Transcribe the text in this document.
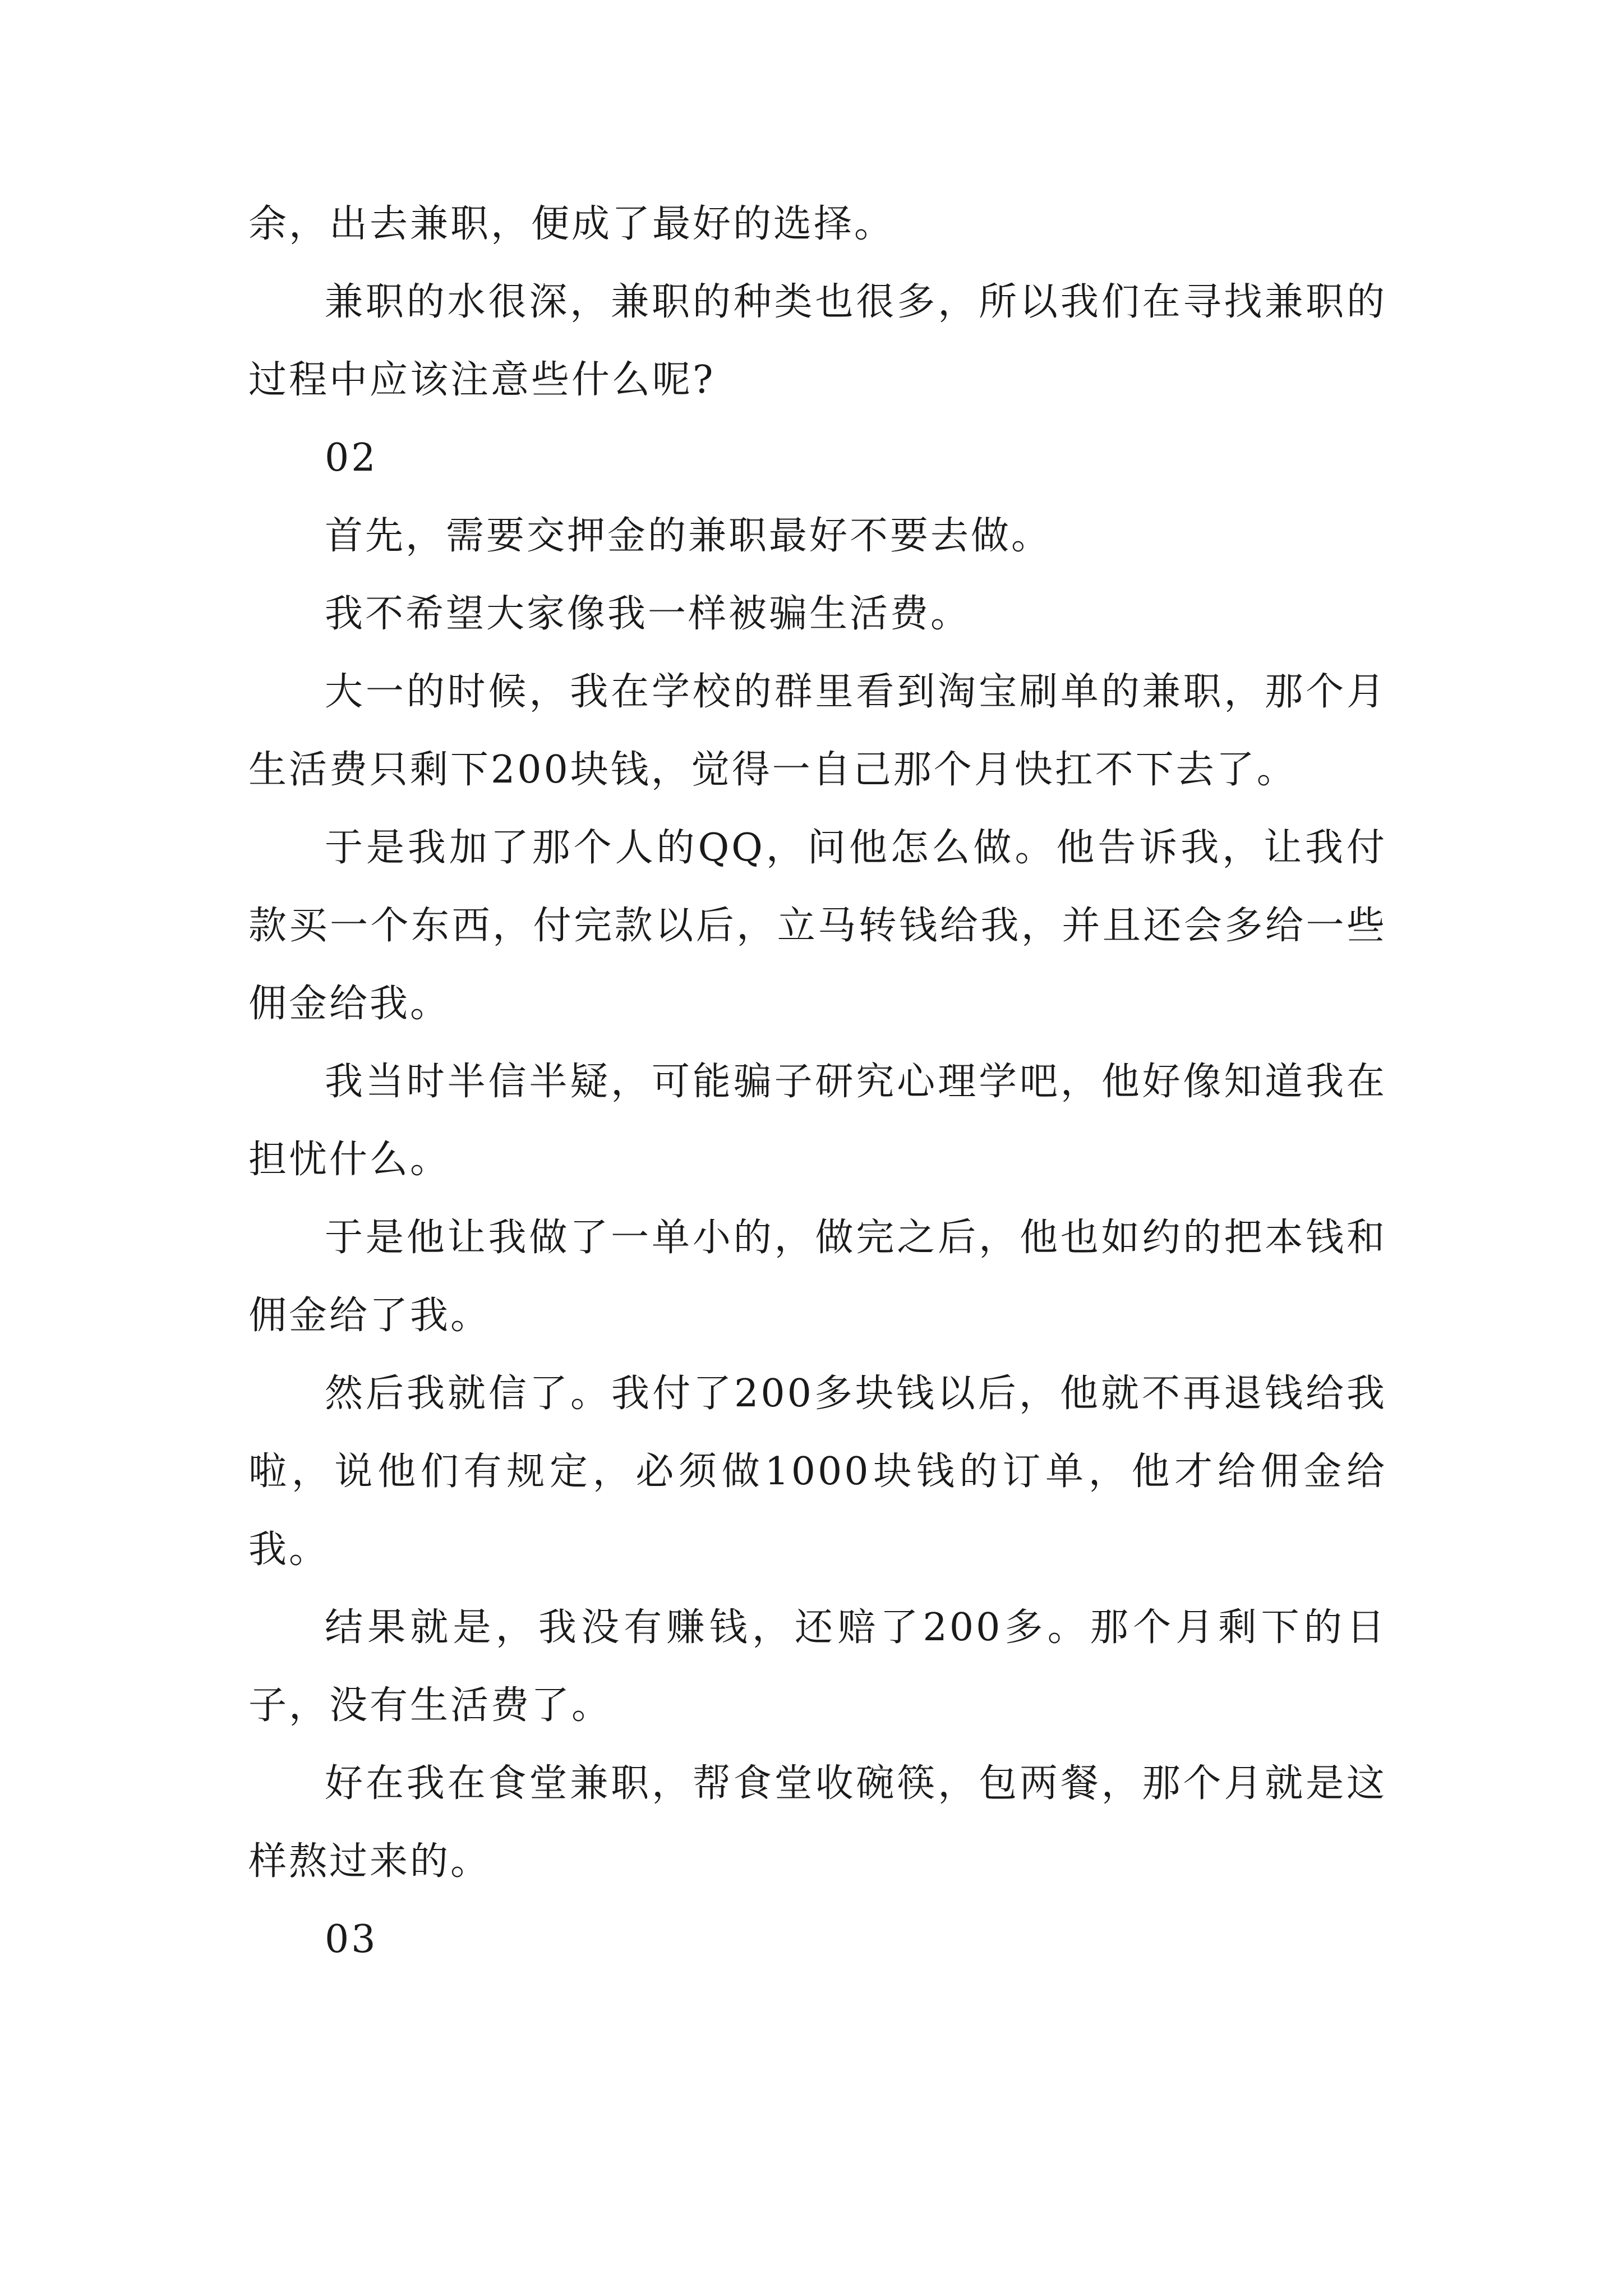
余，出去兼职，便成了最好的选择。

兼职的水很深，兼职的种类也很多，所以我们在寻找兼职的过程中应该注意些什么呢?

02

首先，需要交押金的兼职最好不要去做。

我不希望大家像我一样被骗生活费。

大一的时候，我在学校的群里看到淘宝刷单的兼职，那个月生活费只剩下200块钱，觉得一自己那个月快扛不下去了。

于是我加了那个人的QQ，问他怎么做。他告诉我，让我付款买一个东西，付完款以后，立马转钱给我，并且还会多给一些佣金给我。

我当时半信半疑，可能骗子研究心理学吧，他好像知道我在担忧什么。

于是他让我做了一单小的，做完之后，他也如约的把本钱和佣金给了我。

然后我就信了。我付了200多块钱以后，他就不再退钱给我啦，说他们有规定，必须做1000块钱的订单，他才给佣金给我。

结果就是，我没有赚钱，还赔了200多。那个月剩下的日子，没有生活费了。

好在我在食堂兼职，帮食堂收碗筷，包两餐，那个月就是这样熬过来的。

03
